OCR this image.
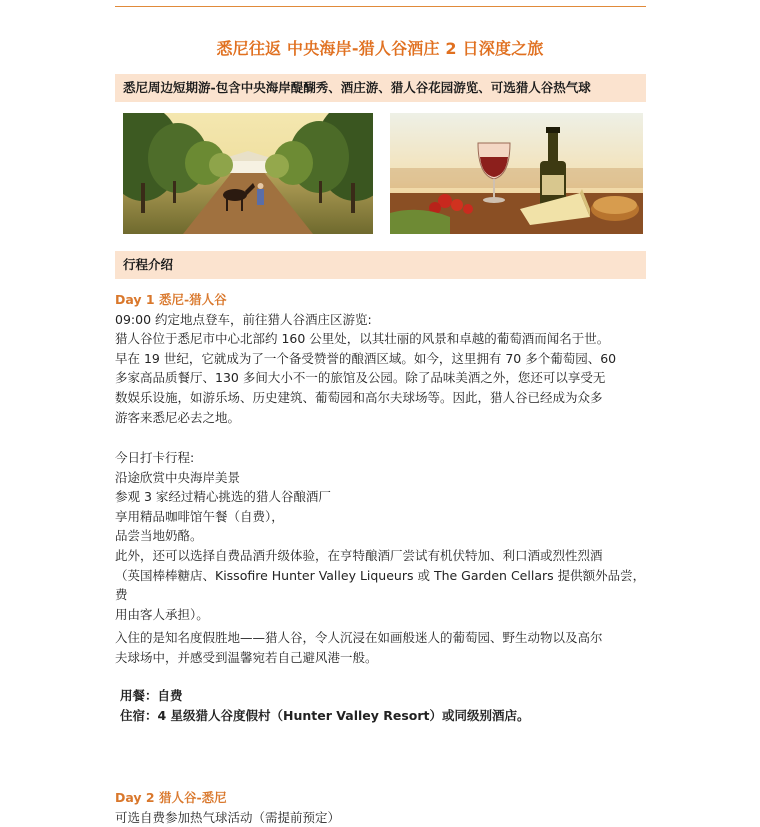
悉尼往返 中央海岸-猎人谷酒庄 2 日深度之旅
悉尼周边短期游-包含中央海岸醍醐秀、酒庄游、猎人谷花园游览、可选猎人谷热气球
行程介绍
Day 1 悉尼-猎人谷

09:00 约定地点登车，前往猎人谷酒庄区游览:

猎人谷位于悉尼市中心北部约 160 公里处，以其壮丽的风景和卓越的葡萄酒而闻名于世。

早在 19 世纪，它就成为了一个备受赞誉的酿酒区域。如今，这里拥有 70 多个葡萄园、60

多家高品质餐厅、130 多间大小不一的旅馆及公园。除了品味美酒之外，您还可以享受无

数娱乐设施，如游乐场、历史建筑、葡萄园和高尔夫球场等。因此，猎人谷已经成为众多

游客来悉尼必去之地。

今日打卡行程:

沿途欣赏中央海岸美景

参观 3 家经过精心挑选的猎人谷酿酒厂

享用精品咖啡馆午餐（自费），

品尝当地奶酪。

此外，还可以选择自费品酒升级体验，在亨特酿酒厂尝试有机伏特加、利口酒或烈性烈酒

（英国棒棒糖店、Kissofire Hunter Valley Liqueurs 或 The Garden Cellars 提供额外品尝，费

用由客人承担）。

入住的是知名度假胜地——猎人谷，令人沉浸在如画般迷人的葡萄园、野生动物以及高尔

夫球场中，并感受到温馨宛若自己避风港一般。

用餐：自费

住宿：4 星级猎人谷度假村（Hunter Valley Resort）或同级别酒店。

Day 2 猎人谷-悉尼

可选自费参加热气球活动（需提前预定）
